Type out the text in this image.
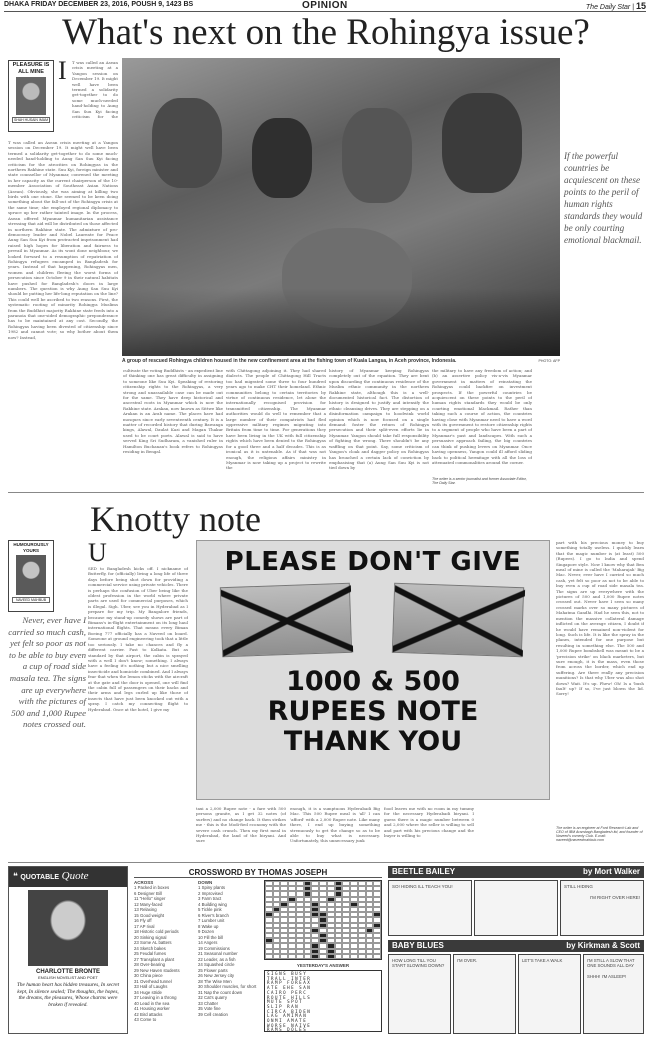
DHAKA FRIDAY DECEMBER 23, 2016, POUSH 9, 1423 BS	OPINION	The Daily Star | 15
What's next on the Rohingya issue?
PLEASURE IS ALL MINE
SHAH HUSAIN IMAM
I T was called an Asean crisis meeting at a Yangon session on December 19. It might well have been termed a solidarity get-together to do some much-needed hand-holding to Aung San Suu Kyi facing criticism for the
T was called an Asean crisis meeting at a Yangon session on December 19. It might well have been termed a solidarity get-together to do some much-needed hand-holding to Aung San Suu Kyi facing criticism for the atrocities on Rohingyas in the northern Rakhine state. Suu Kyi, foreign minister and state counsellor of Myanmar, convened the meeting in her capacity as the current chairperson of the 10-member Association of Southeast Asian Nations (Asean). Obviously, she was aiming at killing two birds with one stone. She seemed to be keen doing something about the fall-out of the Rohingya crisis at the same time; she employed regional diplomacy to spruce up her rather tainted image. In the process, Asean offered Myanmar humanitarian assistance stressing that aid will be distributed on those affected in northern Rakhine state. The admixture of pro-democracy leader and Nobel Laureate for Peace Aung San Suu Kyi from protracted imprisonment had raised high hopes for liberation and fairness to prevail in Myanmar. As its wont done neighbour, we looked forward to a resumption of repatriation of Rohingya refugees encamped in Bangladesh for years. Instead of that happening, Rohingyas men, women and children fleeing the worst forms of persecution since October 9 in their natural habitats have pushed for Bangladesh's doors in large numbers. The question is why Aung San Suu Kyi should be putting her life-long reputation on the line? This could well be ascribed to two reasons. First, the systematic rooting of minority Rohingya Muslims from the Buddhist majority Rakhine state feeds into a paranoia that one-sided demographic preponderance has to be maintained at any cost. Secondly, the Rohingyas having been divested of citizenship since 1982 and cannot vote; so why bother about them now? Instead,
A group of rescued Rohingya children housed in the new confinement area at the fishing town of Kuala Langsa, in Aceh province, Indonesia.	PHOTO: AFP
If the powerful countries be acquiescent on these points to the peril of human rights standards they would be only courting emotional blackmail.
cultivate the voting Buddhists - an expedient line of thinking one has great difficulty in assigning to someone like Suu Kyi. Speaking of restoring citizenship rights to the Rohingyas, a very strong and unassailable case can be made out for the same. They have deep historical and ancestral roots in Myanmar which is now the Rakhine state. Arakan, now known as Sittwe like Arakan is an Arab name. The places have had mosques since early seventeenth century. It is a matter of recorded history that during Bawanga kings, Alawal, Daulat Kazi and Magan Thakur used to be court poets. Alawal is said to have served King Sri Sudharam, a vanished ruler in Hamilton Buchanan's book refers to Rohingyas residing in Bengal.
with Chittagong adjoining it. They had shared dialects. The people of Chittagong Hill Tracts too had migrated some three to four hundred years ago to make CHT their homeland. Ethnic communities belong to certain territories by virtue of continuous residence, let alone the internationally recognised provision for transmitted citizenship. The Myanmar authorities would do well to remember that a large number of their compatriots had fled oppressive military regimes migrating into Britain from time to time. For generations they have been living in the UK with full citizenship rights which have been denied to the Rohingyas for a good three and a half decades. This is as ironical as it is untenable. As if that was not enough, the religious affairs ministry in Myanmar is now taking up a project to rewrite the
history of Myanmar keeping Rohingyas completely out of the equation. They are bent upon discarding the continuous residence of the Muslim ethnic community in the northern Rakhine state, although this is a well-documented historical fact. The distortion of history is designed to justify and intensify the ethnic cleansing drives. They are stepping on a disinformation campaign to hoodwink world opinion which is now focused on a single demand: foster the return of Rohingya persecution and their split-even efforts lie in Myanmar. Yangon should take full responsibility of fighting the wrong. There shouldn't be any waffling on that point. Say, some criticism of Yangon's cloak and dagger policy on Rohingyas has broached a certain lack of conviction by emphasising that (a) Aung San Suu Kyi is not tied down by
the military to have any freedom of action; and (b) an assertive policy vis-a-vis Myanmar government in matters of reinstating the Rohingyas could backfire on investment prospects. If the powerful countries be acquiescent on these points to the peril of human rights standards they would be only courting emotional blackmail. Rather than taking such a course of action, the countries having close with Myanmar need to have a word with its government to restore citizenship rights to a segment of people who have been a part of Myanmar's past and landscapes. With such a persuasive approach failing, the big countries can think of pushing levers on Myanmar. Once having openness, Yangon could ill afford sliding back to political hermitage with all the loss of attenuated commonalities around the corner.
The writer is a senior journalist and former Associate Editor, The Daily Star.
Knotty note
HUMOUROUSLY YOURS
NAVEED MAHBUB
U
SED to Bangladesh kicks off. I nickname of Butterfly, for (officially) living a long life of three days before being shot down for providing a commercial service using private vehicles. There is perhaps the confusion of Uber being like the oldest profession in the world where private parts are used for commercial purposes, which is illegal. Sigh. Uber, see you in Hyderabad as I prepare for my trip. My Bangalore friends, because my stand-up comedy shows are part of Bimans's in-flight entertainment on its long haul international flights. That means every Biman Boeing 777 officially has a Naveed on board. Someone at ground engineering took that a little too seriously. I take no chances and fly a different carrier. Fast to Kolkata. But as standard by that airport, the cabin is sprayed with a well I don't know; something. I always have a feeling it's nothing but a nice smelling insecticide and homicide combined. And I always fear that when the lemon sticks with the aircraft at the gate and the door is opened, one will find the cabin full of passengers on their backs and their arms and legs curled up like those of insects that have just been knocked out with a spray. I catch my connecting flight to Hyderabad. Once at the hotel, I give my
Never, ever have I carried so much cash, yet felt so poor as not to be able to buy even a cup of road side masala tea. The signs are up everywhere with the pictures of 500 and 1,000 Rupee notes crossed out.
PLEASE DON'T GIVE
1000 & 500
RUPEES NOTE
THANK YOU
taxi a 2,000 Rupee note - a fare with 500 persons granite, as I get 32 notes (of surfers) and no change back. It then strikes me - this is the Modi-fied economy with the severe cash crunch. Then my first meal in Hyderabad, the land of the biryani. And sure
enough, it is a sumptuous Hyderabadi Big Mac. This 500 Rupee meal is 'all' I can 'afford' with a 2,000 Rupee note. Like many there, I end up buying something strenuously to get the change so as to be able to buy what is necessary. Unfortunately, this unnecessary junk
food leaves me with no room in my tummy for the necessary Hyderabadi biryani. I guess there is a magic number between 0 and 2,000 where the seller is willing to sell and part with his precious change and the buyer is willing to
part with his precious money to buy something totally useless. I quickly learn that the magic number is (at least) 500 (Rupees). I go to India and spend Singapore style. Now I know why that Ben meal of mine is called the 'Maharajah' Big Mac. Never, ever have I carried so much cash, yet felt so poor as not to be able to buy even a cup of road side masala tea. The signs are up everywhere with the pictures of 500 and 1,000 Rupee notes crossed out. Never have I seen so many crossed marks over so many pictures of Mahatma Gandhi. Had he seen this, not to mention the massive collateral damage inflicted on the average citizen, I doubt if he would have remained non-violent for long. Such is life. It is like the spray in the planes, intended for one purpose but resulting in something else. The 500 and 1,000 Rupee bombshell was meant to be a 'precision strike' on black marketers, but sure enough, it is the mass, even those from across the border, which end up suffering. Are there really any precision munitions? Is that why Uber was also shot down? Wait. It's up. Phew! Oh! Is a 'bush fault' up? If so, I've just blown the lid. Sorry!
The writer is an engineer at Ford Research Lab and CEO of IBM Arambagh Bangladesh ltd, and founder of Naveed's comedy Club. E-mail: naveed@naveedmahbub.com
❝ QUOTABLE Quote
CHARLOTTE BRONTE
ENGLISH NOVELIST AND POET
The human heart has hidden treasures, In secret kept, In silence sealed; The thoughts, the hopes, the dreams, the pleasures, Whose charms were broken if revealed.
CROSSWORD BY THOMAS JOSEPH
ACROSS
1 Packed in boxes
6 Designer Bill
11 "Hello" singer
12 Many-faced
13 Relaxing
15 Good weight
16 Fly off
17 AP rival
18 Historic cold periods
20 Sinking signal
23 Some AL batters
24 Sketch bakes
25 Feudal fumes
27 Transplant a plant
28 Over-bearing
29 New Haven students
30 China piece
31 Overhead tunnel
33 Hall of Laughs
34 Huge stride
37 Leaving in a throng
40 Lead in the sea
41 Housing worker
42 Bird attacks
43 Come to
DOWN
1 Spiny plants
2 Improvised
3 Farm tract
4 Building wing
5 Tickle pink
6 River's branch
7 Lumber unit
8 Wake up
9 Dozen
10 Fill the bill
14 Angers
19 Commissions
21 Seasonal number
22 Leader, as a fish
24 Squashed circle
25 Flower parts
26 New Jersey city
28 The Wise Men
30 Shoulder muscles, for short
31 Nap the count down
32 Cat's quarry
33 Chatter
35 Vote fine
39 Cell creation
YESTERDAY'S ANSWER
SIGNS BUSY
TRALL INTER
RAMP FOREAX
ATE EHE SAN
CAIRO PERC
ROUTE HILLS
MUTE SPOT
SLIP RAN
CIRCA BIDEN
LAG AMIMAN
ONMI AMATE
WORSE NAIVE
RAMS DOLES
BEETLE BAILEY	by Mort Walker
SO! HIDING ILL TEACH YOU!	STILL HIDING
I'M RIGHT OVER HERE!
BABY BLUES	by Kirkman & Scott
HOW LONG TILL YOU START SLOWING DOWN?
I'M OVER.	LET'S TAKE A WALK	I'M STILL A SLOW THAT ONE SOUNDS ALL DAY
SHHH! I'M ASLEEP!
